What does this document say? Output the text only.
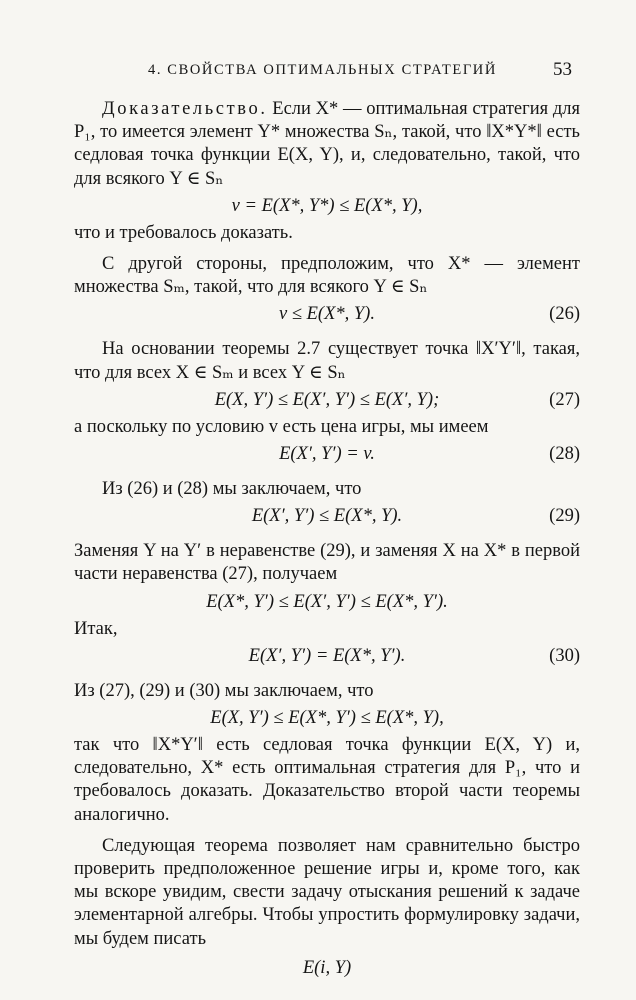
4. СВОЙСТВА ОПТИМАЛЬНЫХ СТРАТЕГИЙ	53

Доказательство. Если X* — оптимальная стратегия для P₁, то имеется элемент Y* множества Sₙ, такой, что ‖X*Y*‖ есть седловая точка функции E(X, Y), и, следовательно, такой, что для всякого Y ∈ Sₙ

v = E(X*, Y*) ≤ E(X*, Y),

что и требовалось доказать.

С другой стороны, предположим, что X* — элемент множества Sₘ, такой, что для всякого Y ∈ Sₙ

v ≤ E(X*, Y).	(26)

На основании теоремы 2.7 существует точка ‖X′Y′‖, такая, что для всех X ∈ Sₘ и всех Y ∈ Sₙ

E(X, Y′) ≤ E(X′, Y′) ≤ E(X′, Y);	(27)

а поскольку по условию v есть цена игры, мы имеем

E(X′, Y′) = v.	(28)

Из (26) и (28) мы заключаем, что

E(X′, Y′) ≤ E(X*, Y).	(29)

Заменяя Y на Y′ в неравенстве (29), и заменяя X на X* в первой части неравенства (27), получаем

E(X*, Y′) ≤ E(X′, Y′) ≤ E(X*, Y′).

Итак,

E(X′, Y′) = E(X*, Y′).	(30)

Из (27), (29) и (30) мы заключаем, что

E(X, Y′) ≤ E(X*, Y′) ≤ E(X*, Y),

так что ‖X*Y′‖ есть седловая точка функции E(X, Y) и, следовательно, X* есть оптимальная стратегия для P₁, что и требовалось доказать. Доказательство второй части теоремы аналогично.

Следующая теорема позволяет нам сравнительно быстро проверить предположенное решение игры и, кроме того, как мы вскоре увидим, свести задачу отыскания решений к задаче элементарной алгебры. Чтобы упростить формулировку задачи, мы будем писать

E(i, Y)
